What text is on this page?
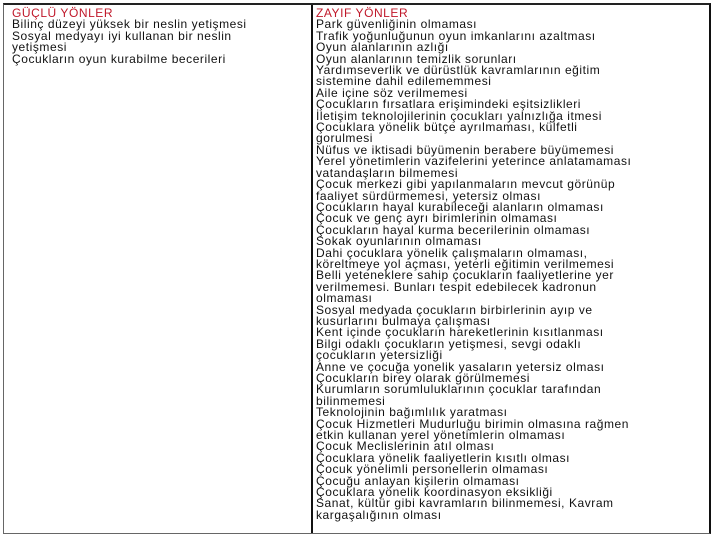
GÜÇLÜ YÖNLER
Bilinç düzeyi yüksek bir neslin yetişmesi
Sosyal medyayı iyi kullanan bir neslin
yetişmesi
Çocukların oyun kurabilme becerileri
ZAYIF YÖNLER
Park güvenliğinin olmaması
Trafik yoğunluğunun oyun imkanlarını azaltması
Oyun alanlarının azlığı
Oyun alanlarının temizlik sorunları
Yardımseverlik ve dürüstlük kavramlarının eğitim
sistemine dahil edilememmesi
Aile içine söz verilmemesi
Çocukların fırsatlara erişimindeki eşitsizlikleri
İletişim teknolojilerinin çocukları yalnızlığa itmesi
Çocuklara yönelik bütçe ayrılmaması, külfetli
gorulmesi
Nüfus ve iktisadi büyümenin berabere büyümemesi
Yerel yönetimlerin vazifelerini yeterince anlatamaması
vatandaşların bilmemesi
Çocuk merkezi gibi yapılanmaların mevcut görünüp
faaliyet sürdürmemesi, yetersiz olması
Çocukların hayal kurabileceği alanların olmaması
Çocuk ve genç ayrı birimlerinin olmaması
Çocukların hayal kurma becerilerinin olmaması
Sokak oyunlarının olmaması
Dahi çocuklara yönelik çalışmaların olmaması,
köreltmeye yol açması, yeterli eğitimin verilmemesi
Belli yeteneklere sahip çocukların faaliyetlerine yer
verilmemesi. Bunları tespit edebilecek kadronun
olmaması
Sosyal medyada çocukların birbirlerinin ayıp ve
kusurlarını bulmaya çalışması
Kent içinde çocukların hareketlerinin kısıtlanması
Bilgi odaklı çocukların yetişmesi, sevgi odaklı
çocukların yetersizliği
Anne ve çocuğa yonelik yasaların yetersiz olması
Çocukların birey olarak görülmemesi
Kurumların sorumluluklarının çocuklar tarafından
bilinmemesi
Teknolojinin bağımlılık yaratması
Çocuk Hizmetleri Mudurluğu birimin olmasına rağmen
etkin kullanan yerel yönetimlerin olmaması
Çocuk Meclislerinin atıl olması
Çocuklara yönelik faaliyetlerin kısıtlı olması
Çocuk yönelimli personellerin olmaması
Çocuğu anlayan kişilerin olmaması
Çocuklara yönelik koordinasyon eksikliği
Sanat, kültür gibi kavramların bilinmemesi, Kavram
kargaşalığının olması
